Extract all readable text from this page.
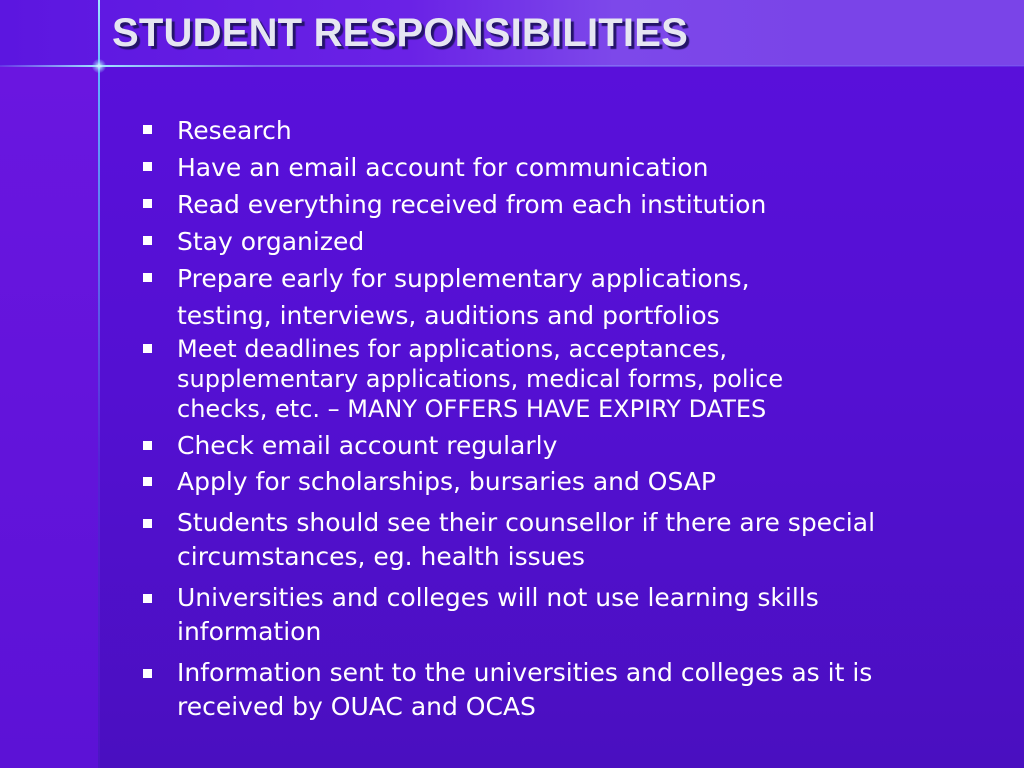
STUDENT RESPONSIBILITIES
Research
Have an email account for communication
Read everything received from each institution
Stay organized
Prepare early for supplementary applications,
testing, interviews, auditions and portfolios
Meet deadlines for applications, acceptances,
supplementary applications, medical forms, police
checks, etc. – MANY OFFERS HAVE EXPIRY DATES
Check email account regularly
Apply for scholarships, bursaries and OSAP
Students should see their counsellor if there are special
circumstances, eg. health issues
Universities and colleges will not use learning skills
information
Information sent to the universities and colleges as it is
received by OUAC and OCAS
